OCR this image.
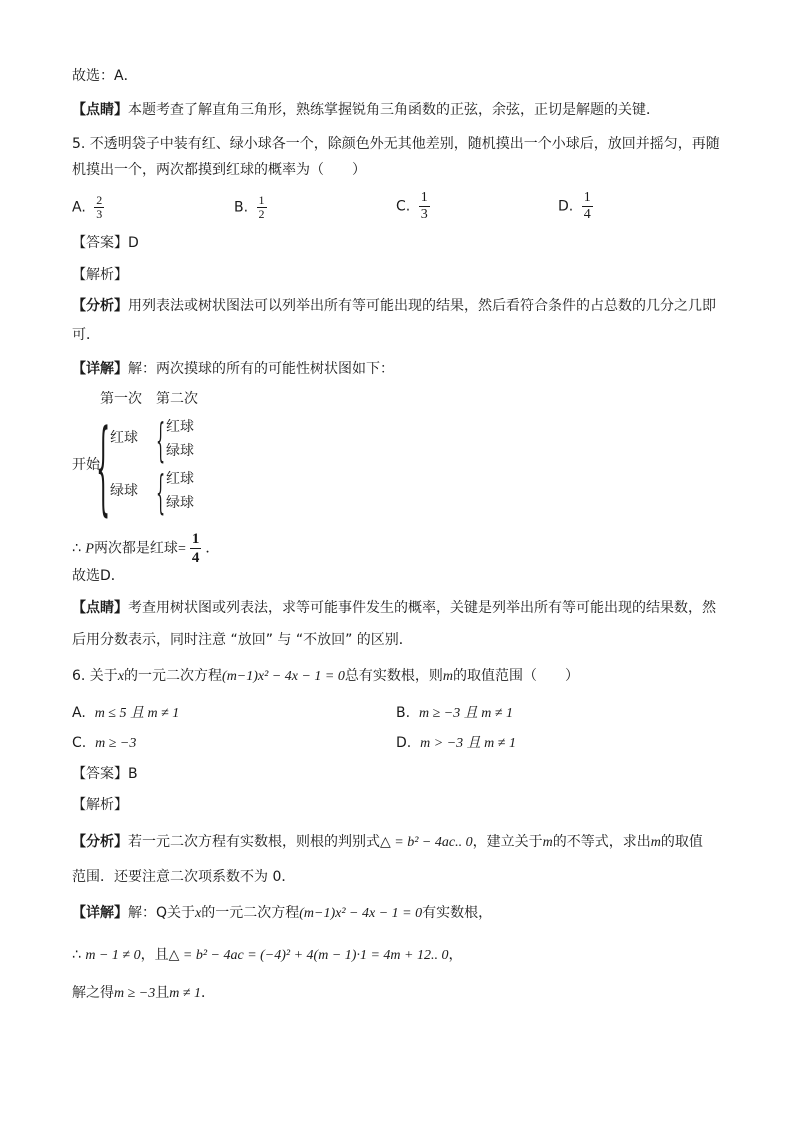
故选：A．
【点睛】本题考查了解直角三角形，熟练掌握锐角三角函数的正弦，余弦，正切是解题的关键．
5. 不透明袋子中装有红、绿小球各一个，除颜色外无其他差别，随机摸出一个小球后，放回并摇匀，再随
机摸出一个，两次都摸到红球的概率为（　　）
A. $\frac{2}{3}$	B. $\frac{1}{2}$	C. $\frac{1}{3}$	D. $\frac{1}{4}$
【答案】D
【解析】
【分析】用列表法或树状图法可以列举出所有等可能出现的结果，然后看符合条件的占总数的几分之几即
可．
【详解】解：两次摸球的所有的可能性树状图如下：
第一次 第二次
开始
{ 红球
绿球
{ 红球
绿球
{ 红球
绿球
∴ P两次都是红球= $\frac{1}{4}$ ．
故选D．
【点睛】考查用树状图或列表法，求等可能事件发生的概率，关键是列举出所有等可能出现的结果数，然
后用分数表示，同时注意 “放回” 与 “不放回” 的区别．
6. 关于x的一元二次方程(m−1)x² − 4x − 1 = 0总有实数根，则m的取值范围（　　）
A. m ≤ 5 且 m ≠ 1	B. m ≥ −3 且 m ≠ 1
C. m ≥ −3	D. m > −3 且 m ≠ 1
【答案】B
【解析】
【分析】若一元二次方程有实数根，则根的判别式△ = b² − 4ac.. 0，建立关于m的不等式，求出m的取值
范围．还要注意二次项系数不为 0．
【详解】解：Q关于x的一元二次方程(m−1)x² − 4x − 1 = 0有实数根，
∴ m − 1 ≠ 0，且△ = b² − 4ac = (−4)² + 4(m − 1)·1 = 4m + 12.. 0，
解之得m ≥ −3且m ≠ 1．
